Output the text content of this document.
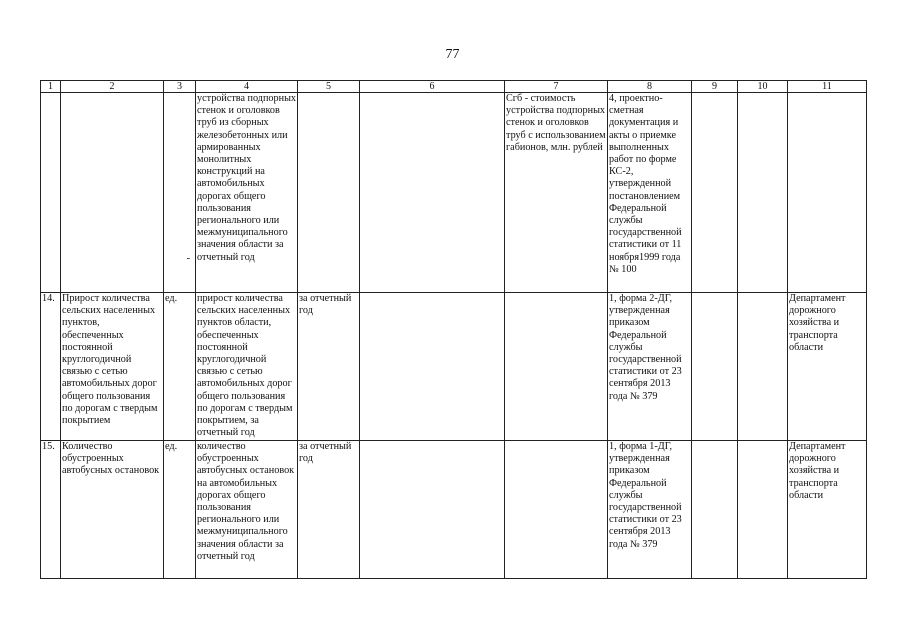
77
1	2	3	4	5	6	7	8	9	10	11

		-	устройства подпорных стенок и оголовков труб из сборных железобетонных или армированных монолитных конструкций на автомобильных дорогах общего пользования регионального или межмуниципального значения области за отчетный год			Сгб - стоимость устройства подпорных стенок и оголовков труб с использованием габионов, млн. рублей	4, проектно-сметная документация и акты о приемке выполненных работ по форме КС-2, утвержденной постановлением Федеральной службы государственной статистики от 11 ноября1999 года № 100			
14.	Прирост количества сельских населенных пунктов, обеспеченных постоянной круглогодичной связью с сетью автомобильных дорог общего пользования по дорогам с твердым покрытием	ед.	прирост количества сельских населенных пунктов области, обеспеченных постоянной круглогодичной связью с сетью автомобильных дорог общего пользования по дорогам с твердым покрытием, за отчетный год	за отчетный год			1, форма 2-ДГ, утвержденная приказом Федеральной службы государственной статистики от 23 сентября 2013 года № 379			Департамент дорожного хозяйства и транспорта области
15.	Количество обустроенных автобусных остановок	ед.	количество обустроенных автобусных остановок на автомобильных дорогах общего пользования регионального или межмуниципального значения области за отчетный год	за отчетный год			1, форма 1-ДГ, утвержденная приказом Федеральной службы государственной статистики от 23 сентября 2013 года № 379			Департамент дорожного хозяйства и транспорта области
